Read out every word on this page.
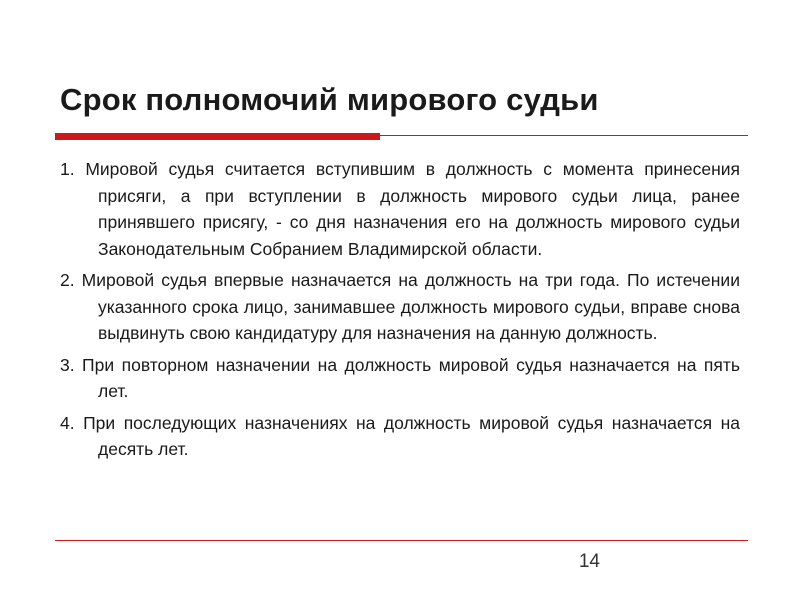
Срок полномочий мирового судьи
1. Мировой судья считается вступившим в должность с момента принесения присяги, а при вступлении в должность мирового судьи лица, ранее принявшего присягу, - со дня назначения его на должность мирового судьи Законодательным Собранием Владимирской области.
2. Мировой судья впервые назначается на должность на три года. По истечении указанного срока лицо, занимавшее должность мирового судьи, вправе снова выдвинуть свою кандидатуру для назначения на данную должность.
3. При повторном назначении на должность мировой судья назначается на пять лет.
4. При последующих назначениях на должность мировой судья назначается на десять лет.
14
